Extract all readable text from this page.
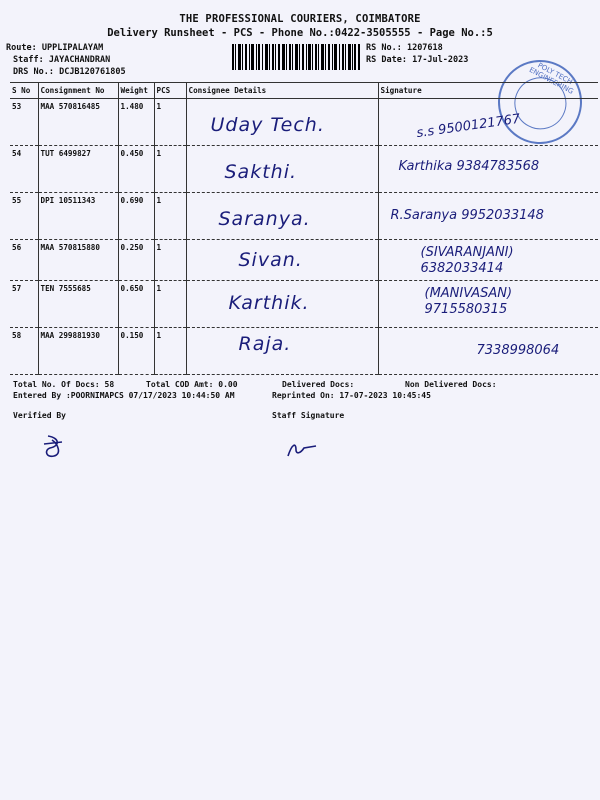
THE PROFESSIONAL COURIERS, COIMBATORE
Delivery Runsheet - PCS - Phone No.:0422-3505555 - Page No.:5
Route: UPPLIPALAYAM
Staff: JAYACHANDRAN
DRS No.: DCJB120761805
RS No.: 1207618
RS Date: 17-Jul-2023
POLY TECH ENGINEERING
S No	Consignment No	Weight	PCS	Consignee Details	Signature
53	MAA 570816485	1.480	1	Uday Tech.	s.s 9500121767

54	TUT 6499827	0.450	1	Sakthi.	Karthika 9384783568

55	DPI 10511343	0.690	1	Saranya.	R.Saranya 9952033148

56	MAA 570815880	0.250	1	Sivan.	(SIVARANJANI) 6382033414

57	TEN 7555685	0.650	1	Karthik.	(MANIVASAN) 9715580315

58	MAA 299881930	0.150	1	Raja.	7338998064
Total No. Of Docs: 58	Total COD Amt: 0.00	Delivered Docs:	Non Delivered Docs:
Entered By :POORNIMAPCS 07/17/2023 10:44:50 AM	Reprinted On: 17-07-2023 10:45:45
Verified By	Staff Signature
